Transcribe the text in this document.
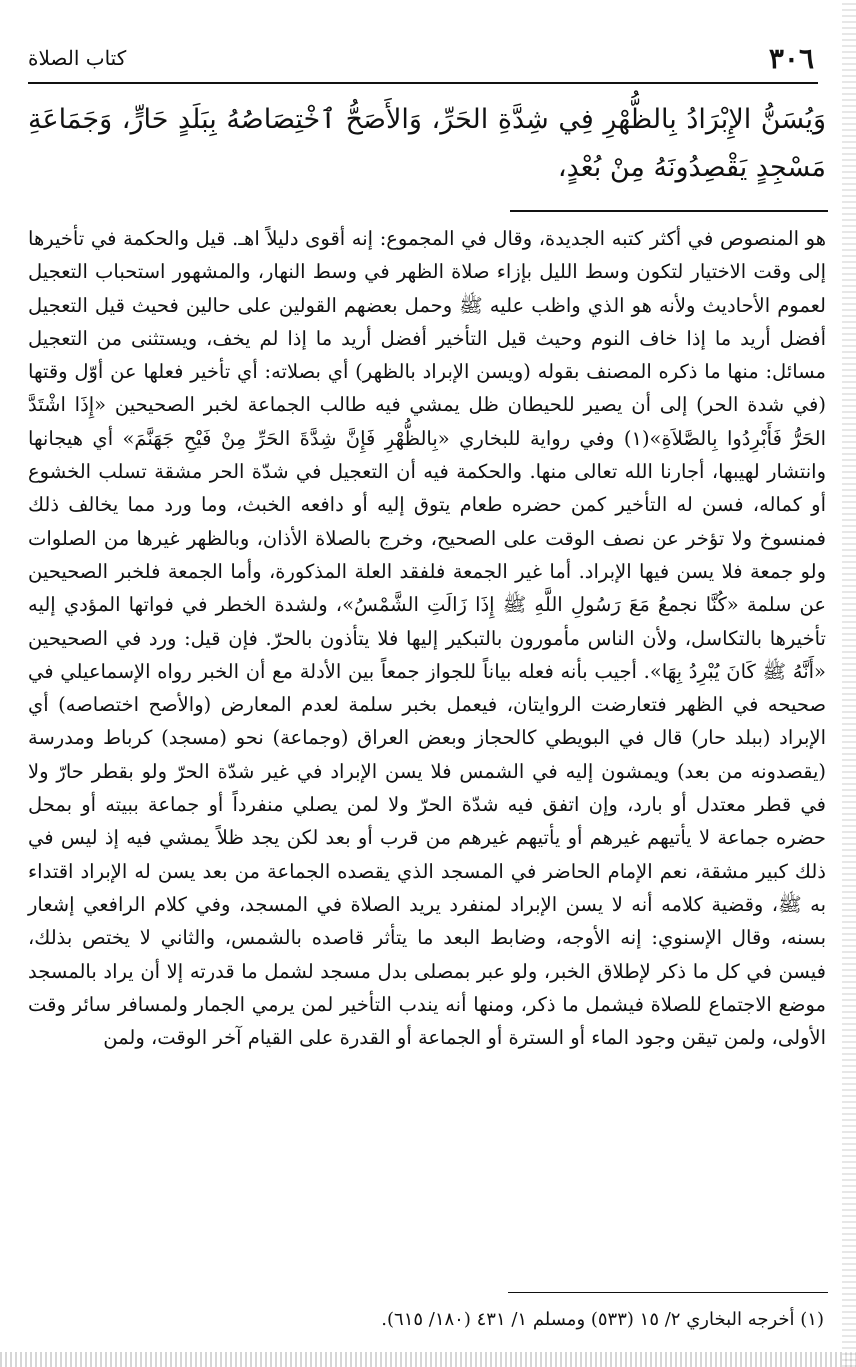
٣٠٦
كتاب الصلاة
وَيُسَنُّ الإِبْرَادُ بِالظُّهْرِ فِي شِدَّةِ الحَرِّ، وَالأَصَحُّ ٱخْتِصَاصُهُ بِبَلَدٍ حَارٍّ، وَجَمَاعَةِ مَسْجِدٍ يَقْصِدُونَهُ مِنْ بُعْدٍ،
هو المنصوص في أكثر كتبه الجديدة، وقال في المجموع: إنه أقوى دليلاً اهـ. قيل والحكمة في تأخيرها إلى وقت الاختيار لتكون وسط الليل بإزاء صلاة الظهر في وسط النهار، والمشهور استحباب التعجيل لعموم الأحاديث ولأنه هو الذي واظب عليه ﷺ وحمل بعضهم القولين على حالين فحيث قيل التعجيل أفضل أريد ما إذا خاف النوم وحيث قيل التأخير أفضل أريد ما إذا لم يخف، ويستثنى من التعجيل مسائل: منها ما ذكره المصنف بقوله (ويسن الإبراد بالظهر) أي بصلاته: أي تأخير فعلها عن أوّل وقتها (في شدة الحر) إلى أن يصير للحيطان ظل يمشي فيه طالب الجماعة لخبر الصحيحين «إِذَا اشْتَدَّ الحَرُّ فَأَبْرِدُوا بِالصَّلاَةِ»(١) وفي رواية للبخاري «بِالظُّهْرِ فَإِنَّ شِدَّةَ الحَرِّ مِنْ فَيْحِ جَهَنَّمَ» أي هيجانها وانتشار لهيبها، أجارنا الله تعالى منها. والحكمة فيه أن التعجيل في شدّة الحر مشقة تسلب الخشوع أو كماله، فسن له التأخير كمن حضره طعام يتوق إليه أو دافعه الخبث، وما ورد مما يخالف ذلك فمنسوخ ولا تؤخر عن نصف الوقت على الصحيح، وخرج بالصلاة الأذان، وبالظهر غيرها من الصلوات ولو جمعة فلا يسن فيها الإبراد. أما غير الجمعة فلفقد العلة المذكورة، وأما الجمعة فلخبر الصحيحين عن سلمة «كُنَّا نجمعُ مَعَ رَسُولِ اللَّهِ ﷺ إِذَا زَالَتِ الشَّمْسُ»، ولشدة الخطر في فواتها المؤدي إليه تأخيرها بالتكاسل، ولأن الناس مأمورون بالتبكير إليها فلا يتأذون بالحرّ. فإن قيل: ورد في الصحيحين «أَنَّهُ ﷺ كَانَ يُبْرِدُ بِهَا». أجيب بأنه فعله بياناً للجواز جمعاً بين الأدلة مع أن الخبر رواه الإسماعيلي في صحيحه في الظهر فتعارضت الروايتان، فيعمل بخبر سلمة لعدم المعارض (والأصح اختصاصه) أي الإبراد (ببلد حار) قال في البويطي كالحجاز وبعض العراق (وجماعة) نحو (مسجد) كرباط ومدرسة (يقصدونه من بعد) ويمشون إليه في الشمس فلا يسن الإبراد في غير شدّة الحرّ ولو بقطر حارّ ولا في قطر معتدل أو بارد، وإن اتفق فيه شدّة الحرّ ولا لمن يصلي منفرداً أو جماعة ببيته أو بمحل حضره جماعة لا يأتيهم غيرهم أو يأتيهم غيرهم من قرب أو بعد لكن يجد ظلاً يمشي فيه إذ ليس في ذلك كبير مشقة، نعم الإمام الحاضر في المسجد الذي يقصده الجماعة من بعد يسن له الإبراد اقتداء به ﷺ، وقضية كلامه أنه لا يسن الإبراد لمنفرد يريد الصلاة في المسجد، وفي كلام الرافعي إشعار بسنه، وقال الإسنوي: إنه الأوجه، وضابط البعد ما يتأثر قاصده بالشمس، والثاني لا يختص بذلك، فيسن في كل ما ذكر لإطلاق الخبر، ولو عبر بمصلى بدل مسجد لشمل ما قدرته إلا أن يراد بالمسجد موضع الاجتماع للصلاة فيشمل ما ذكر، ومنها أنه يندب التأخير لمن يرمي الجمار ولمسافر سائر وقت الأولى، ولمن تيقن وجود الماء أو السترة أو الجماعة أو القدرة على القيام آخر الوقت، ولمن
(١) أخرجه البخاري ٢/ ١٥ (٥٣٣) ومسلم ١/ ٤٣١ (١٨٠/ ٦١٥).
